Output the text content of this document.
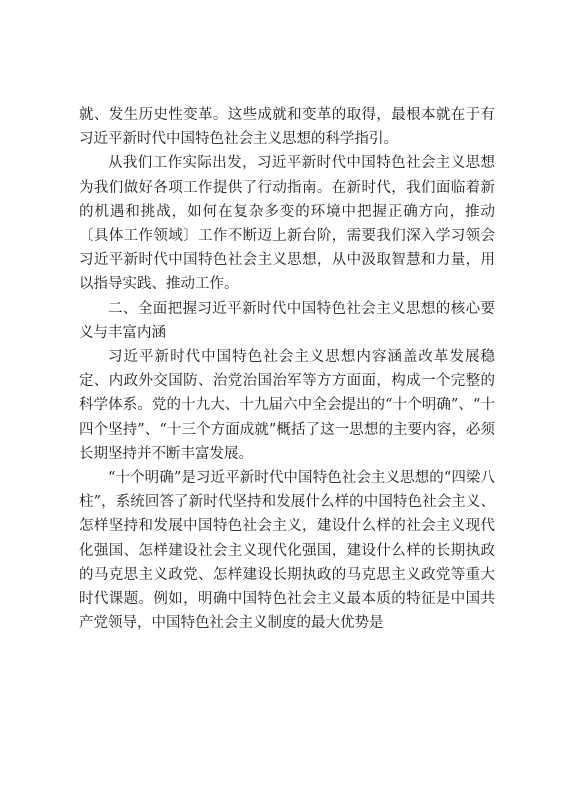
就、发生历史性变革。这些成就和变革的取得，最根本就在于有习近平新时代中国特色社会主义思想的科学指引。

从我们工作实际出发，习近平新时代中国特色社会主义思想为我们做好各项工作提供了行动指南。在新时代，我们面临着新的机遇和挑战，如何在复杂多变的环境中把握正确方向，推动〔具体工作领域〕工作不断迈上新台阶，需要我们深入学习领会习近平新时代中国特色社会主义思想，从中汲取智慧和力量，用以指导实践、推动工作。

二、全面把握习近平新时代中国特色社会主义思想的核心要义与丰富内涵

习近平新时代中国特色社会主义思想内容涵盖改革发展稳定、内政外交国防、治党治国治军等方方面面，构成一个完整的科学体系。党的十九大、十九届六中全会提出的“十个明确”、“十四个坚持”、“十三个方面成就”概括了这一思想的主要内容，必须长期坚持并不断丰富发展。

“十个明确”是习近平新时代中国特色社会主义思想的“四梁八柱”，系统回答了新时代坚持和发展什么样的中国特色社会主义、怎样坚持和发展中国特色社会主义，建设什么样的社会主义现代化强国、怎样建设社会主义现代化强国，建设什么样的长期执政的马克思主义政党、怎样建设长期执政的马克思主义政党等重大时代课题。例如，明确中国特色社会主义最本质的特征是中国共产党领导，中国特色社会主义制度的最大优势是
